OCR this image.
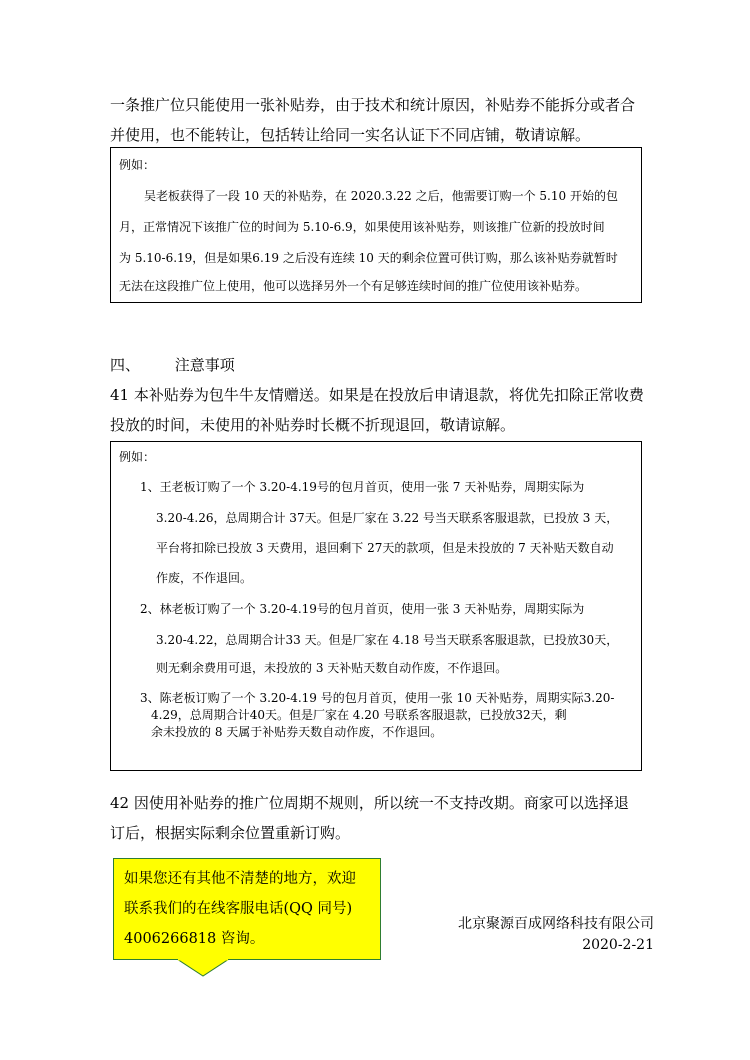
一条推广位只能使用一张补贴券，由于技术和统计原因，补贴券不能拆分或者合
并使用，也不能转让，包括转让给同一实名认证下不同店铺，敬请谅解。

例如：
吴老板获得了一段 10 天的补贴券，在 2020.3.22 之后，他需要订购一个 5.10 开始的包
月，正常情况下该推广位的时间为 5.10-6.9，如果使用该补贴券，则该推广位新的投放时间
为 5.10-6.19，但是如果6.19 之后没有连续 10 天的剩余位置可供订购，那么该补贴券就暂时
无法在这段推广位上使用，他可以选择另外一个有足够连续时间的推广位使用该补贴券。
四、 注意事项

41 本补贴券为包牛牛友情赠送。如果是在投放后申请退款，将优先扣除正常收费
投放的时间，未使用的补贴券时长概不折现退回，敬请谅解。

例如：
1、王老板订购了一个 3.20-4.19号的包月首页，使用一张 7 天补贴券，周期实际为
3.20-4.26，总周期合计 37天。但是厂家在 3.22 号当天联系客服退款，已投放 3 天，
平台将扣除已投放 3 天费用，退回剩下 27天的款项，但是未投放的 7 天补贴天数自动
作废，不作退回。
2、林老板订购了一个 3.20-4.19号的包月首页，使用一张 3 天补贴券，周期实际为
3.20-4.22，总周期合计33 天。但是厂家在 4.18 号当天联系客服退款，已投放30天，
则无剩余费用可退，未投放的 3 天补贴天数自动作废，不作退回。
3、陈老板订购了一个 3.20-4.19 号的包月首页，使用一张 10 天补贴券，周期实际3.20-
4.29，总周期合计40天。但是厂家在 4.20 号联系客服退款，已投放32天，剩
余未投放的 8 天属于补贴券天数自动作废，不作退回。

42 因使用补贴券的推广位周期不规则，所以统一不支持改期。商家可以选择退
订后，根据实际剩余位置重新订购。

如果您还有其他不清楚的地方，欢迎
联系我们的在线客服电话(QQ 同号)
4006266818 咨询。
北京聚源百成网络科技有限公司
2020-2-21
